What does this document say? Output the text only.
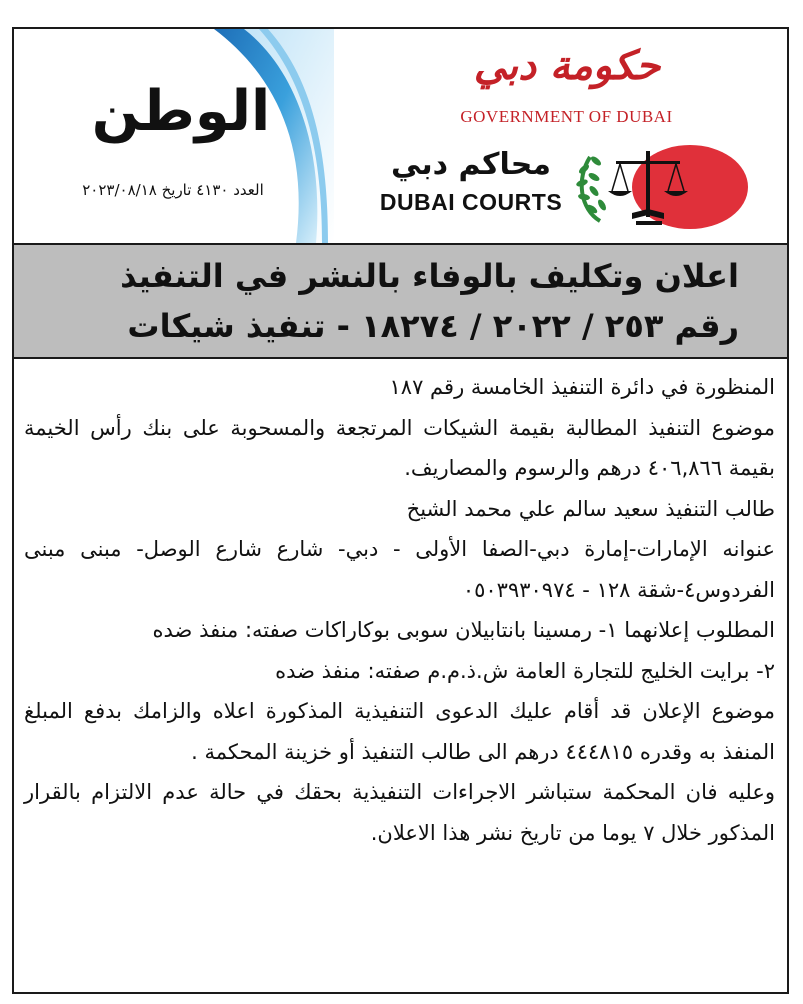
الوطن
العدد ٤١٣٠ تاريخ ٢٠٢٣/٠٨/١٨
حكومة دبي
GOVERNMENT OF DUBAI
محاكم دبي
DUBAI COURTS
اعلان وتكليف بالوفاء بالنشر في التنفيذ
رقم ٢٥٣ / ٢٠٢٢ / ١٨٢٧٤ - تنفيذ شيكات

المنظورة في دائرة التنفيذ الخامسة رقم ١٨٧

موضوع التنفيذ المطالبة بقيمة الشيكات المرتجعة والمسحوبة على بنك رأس الخيمة بقيمة ٤٠٦,٨٦٦ درهم والرسوم والمصاريف.

طالب التنفيذ سعيد سالم علي محمد الشيخ

عنوانه الإمارات-إمارة دبي-الصفا الأولى - دبي- شارع شارع الوصل- مبنى مبنى الفردوس٤-شقة ١٢٨ - ٠٥٠٣٩٣٠٩٧٤

المطلوب إعلانهما ١- رمسينا بانتابيلان سوبى بوكاراكات صفته: منفذ ضده

٢- برايت الخليج للتجارة العامة ش.ذ.م.م صفته: منفذ ضده

موضوع الإعلان قد أقام عليك الدعوى التنفيذية المذكورة اعلاه والزامك بدفع المبلغ المنفذ به وقدره ٤٤٤٨١٥ درهم الى طالب التنفيذ أو خزينة المحكمة .

وعليه فان المحكمة ستباشر الاجراءات التنفيذية بحقك في حالة عدم الالتزام بالقرار المذكور خلال ٧ يوما من تاريخ نشر هذا الاعلان.
